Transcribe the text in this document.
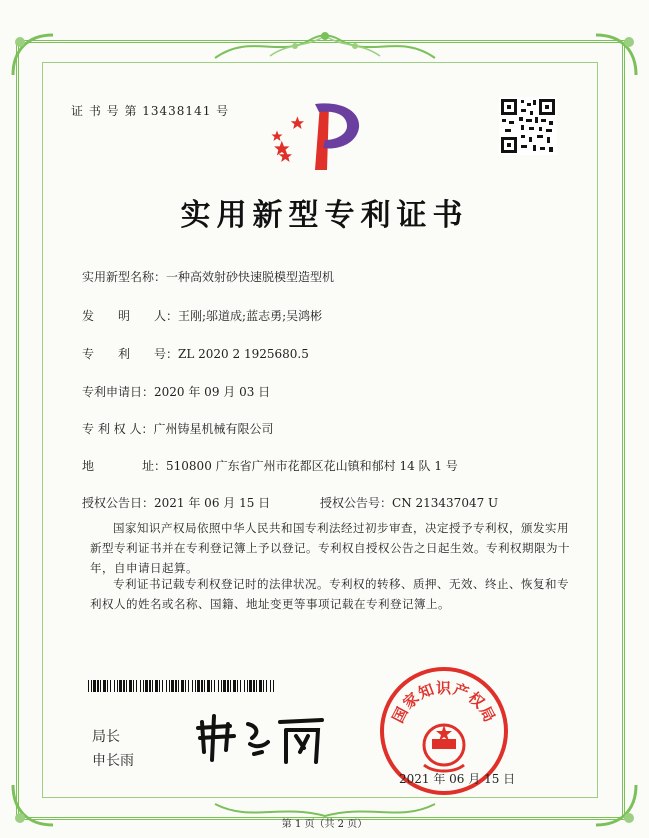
证 书 号 第 13438141 号
实用新型专利证书
实用新型名称：一种高效射砂快速脱模型造型机
发　　明　　人：王刚;邬道成;蓝志勇;吴鸿彬
专　　利　　号：ZL 2020 2 1925680.5
专利申请日：2020 年 09 月 03 日
专 利 权 人：广州铸星机械有限公司
地　　　　址：510800 广东省广州市花都区花山镇和郁村 14 队 1 号
授权公告日：2021 年 06 月 15 日	授权公告号：CN 213437047 U
国家知识产权局依照中华人民共和国专利法经过初步审查，决定授予专利权，颁发实用新型专利证书并在专利登记簿上予以登记。专利权自授权公告之日起生效。专利权期限为十年，自申请日起算。
专利证书记载专利权登记时的法律状况。专利权的转移、质押、无效、终止、恢复和专利权人的姓名或名称、国籍、地址变更等事项记载在专利登记簿上。
局长
申长雨
国家知识产权局
2021 年 06 月 15 日
第 1 页（共 2 页）
